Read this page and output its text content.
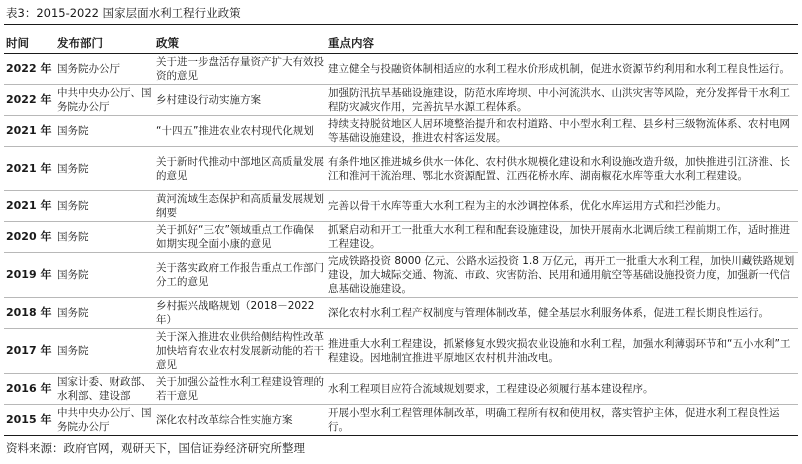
表3：2015-2022 国家层面水利工程行业政策
时间	发布部门	政策	重点内容
2022 年	国务院办公厅	关于进一步盘活存量资产扩大有效投资的意见	建立健全与投融资体制相适应的水利工程水价形成机制，促进水资源节约利用和水利工程良性运行。
2022 年	中共中央办公厅、国务院办公厅	乡村建设行动实施方案	加强防汛抗旱基础设施建设，防范水库垮坝、中小河流洪水、山洪灾害等风险，充分发挥骨干水利工程防灾减灾作用，完善抗旱水源工程体系。
2021 年	国务院	“十四五”推进农业农村现代化规划	持续支持脱贫地区人居环境整治提升和农村道路、中小型水利工程、县乡村三级物流体系、农村电网等基础设施建设，推进农村客运发展。
2021 年	国务院	关于新时代推动中部地区高质量发展的意见	有条件地区推进城乡供水一体化、农村供水规模化建设和水利设施改造升级，加快推进引江济淮、长江和淮河干流治理、鄂北水资源配置、江西花桥水库、湖南椒花水库等重大水利工程建设。
2021 年	国务院	黄河流域生态保护和高质量发展规划纲要	完善以骨干水库等重大水利工程为主的水沙调控体系，优化水库运用方式和拦沙能力。
2020 年	国务院	关于抓好“三农”领域重点工作确保如期实现全面小康的意见	抓紧启动和开工一批重大水利工程和配套设施建设，加快开展南水北调后续工程前期工作，适时推进工程建设。
2019 年	国务院	关于落实政府工作报告重点工作部门分工的意见	完成铁路投资 8000 亿元、公路水运投资 1.8 万亿元，再开工一批重大水利工程，加快川藏铁路规划建设，加大城际交通、物流、市政、灾害防治、民用和通用航空等基础设施投资力度，加强新一代信息基础设施建设。
2018 年	国务院	乡村振兴战略规划（2018－2022年）	深化农村水利工程产权制度与管理体制改革，健全基层水利服务体系，促进工程长期良性运行。
2017 年	国务院	关于深入推进农业供给侧结构性改革加快培育农业农村发展新动能的若干意见	推进重大水利工程建设，抓紧修复水毁灾损农业设施和水利工程，加强水利薄弱环节和“五小水利”工程建设。因地制宜推进平原地区农村机井油改电。
2016 年	国家计委、财政部、水利部、建设部	关于加强公益性水利工程建设管理的若干意见	水利工程项目应符合流域规划要求，工程建设必须履行基本建设程序。
2015 年	中共中央办公厅、国务院办公厅	深化农村改革综合性实施方案	开展小型水利工程管理体制改革，明确工程所有权和使用权，落实管护主体，促进水利工程良性运行。
资料来源：政府官网，观研天下，国信证券经济研究所整理
